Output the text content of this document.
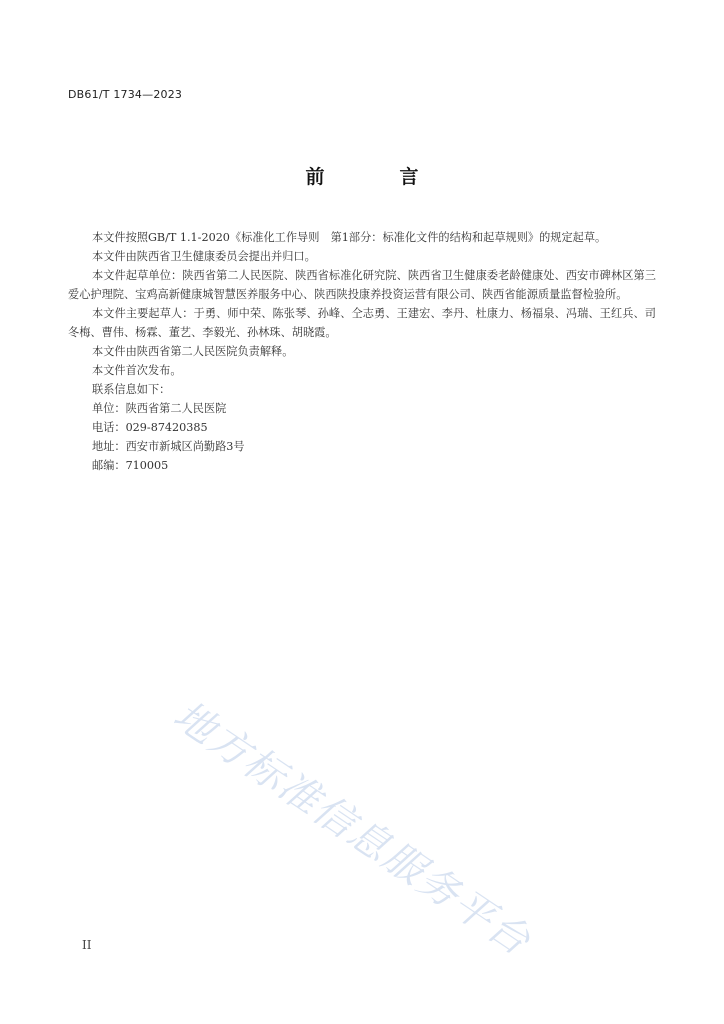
DB61/T 1734—2023
前　言

本文件按照GB/T 1.1-2020《标准化工作导则　第1部分：标准化文件的结构和起草规则》的规定起草。

本文件由陕西省卫生健康委员会提出并归口。

本文件起草单位：陕西省第二人民医院、陕西省标准化研究院、陕西省卫生健康委老龄健康处、西安市碑林区第三爱心护理院、宝鸡高新健康城智慧医养服务中心、陕西陕投康养投资运营有限公司、陕西省能源质量监督检验所。

本文件主要起草人：于勇、师中荣、陈张琴、孙峰、仝志勇、王建宏、李丹、杜康力、杨福泉、冯瑞、王红兵、司冬梅、曹伟、杨霖、董艺、李毅光、孙林珠、胡晓霞。

本文件由陕西省第二人民医院负责解释。

本文件首次发布。

联系信息如下：

单位：陕西省第二人民医院

电话：029-87420385

地址：西安市新城区尚勤路3号

邮编：710005

地方标准信息服务平台
II
